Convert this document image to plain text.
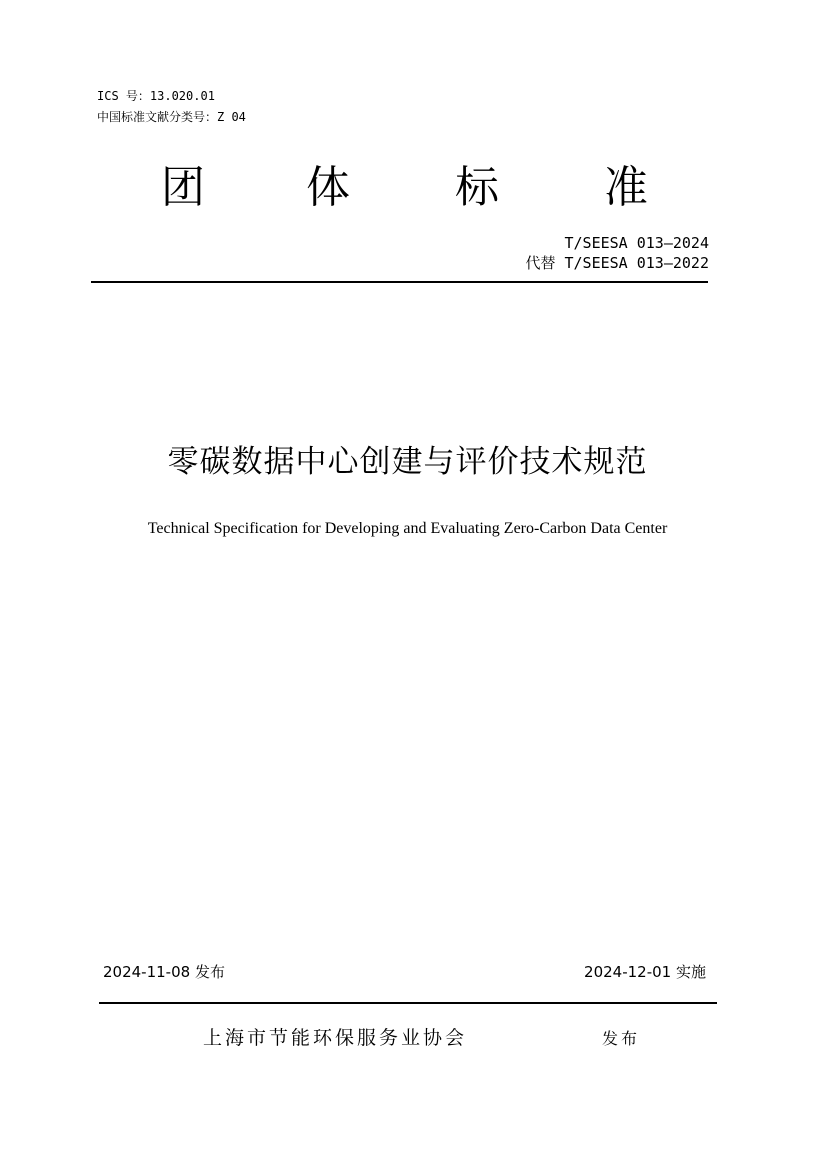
ICS 号：13.020.01
中国标准文献分类号：Z 04
团 体 标 准
T/SEESA 013—2024
代替 T/SEESA 013—2022
零碳数据中心创建与评价技术规范
Technical Specification for Developing and Evaluating Zero-Carbon Data Center
2024-11-08 发布	2024-12-01 实施
上海市节能环保服务业协会	发布
